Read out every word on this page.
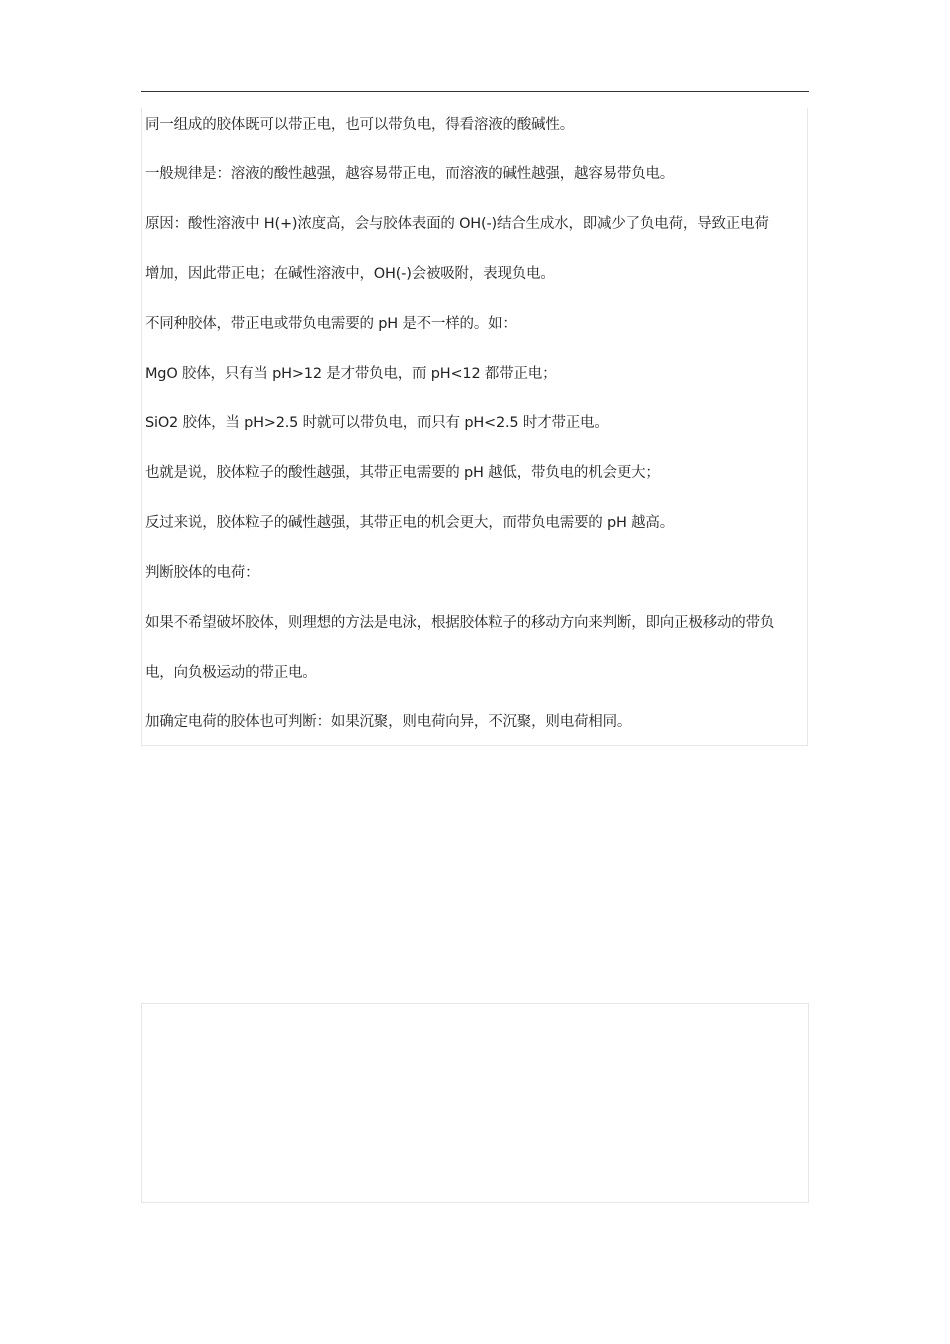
同一组成的胶体既可以带正电，也可以带负电，得看溶液的酸碱性。
一般规律是：溶液的酸性越强，越容易带正电，而溶液的碱性越强，越容易带负电。
原因：酸性溶液中 H(+)浓度高，会与胶体表面的 OH(-)结合生成水，即减少了负电荷，导致正电荷
增加，因此带正电；在碱性溶液中，OH(-)会被吸附，表现负电。
不同种胶体，带正电或带负电需要的 pH 是不一样的。如：
MgO 胶体，只有当 pH>12 是才带负电，而 pH<12 都带正电；
SiO2 胶体，当 pH>2.5 时就可以带负电，而只有 pH<2.5 时才带正电。
也就是说，胶体粒子的酸性越强，其带正电需要的 pH 越低，带负电的机会更大；
反过来说，胶体粒子的碱性越强，其带正电的机会更大，而带负电需要的 pH 越高。
判断胶体的电荷：
如果不希望破坏胶体，则理想的方法是电泳，根据胶体粒子的移动方向来判断，即向正极移动的带负
电，向负极运动的带正电。
加确定电荷的胶体也可判断：如果沉聚，则电荷向异，不沉聚，则电荷相同。
